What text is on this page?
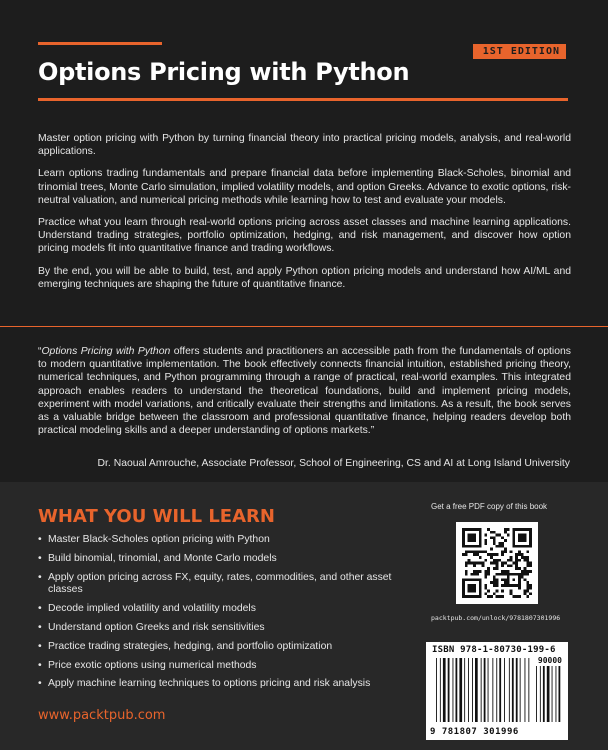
1ST EDITION
Options Pricing with Python

Master option pricing with Python by turning financial theory into practical pricing models, analysis, and real-world applications.

Learn options trading fundamentals and prepare financial data before implementing Black-Scholes, binomial and trinomial trees, Monte Carlo simulation, implied volatility models, and option Greeks. Advance to exotic options, risk-neutral valuation, and numerical pricing methods while learning how to test and evaluate your models.

Practice what you learn through real-world options pricing across asset classes and machine learning applications. Understand trading strategies, portfolio optimization, hedging, and risk management, and discover how option pricing models fit into quantitative finance and trading workflows.

By the end, you will be able to build, test, and apply Python option pricing models and understand how AI/ML and emerging techniques are shaping the future of quantitative finance.

“Options Pricing with Python offers students and practitioners an accessible path from the fundamentals of options to modern quantitative implementation. The book effectively connects financial intuition, established pricing theory, numerical techniques, and Python programming through a range of practical, real-world examples. This integrated approach enables readers to understand the theoretical foundations, build and implement pricing models, experiment with model variations, and critically evaluate their strengths and limitations. As a result, the book serves as a valuable bridge between the classroom and professional quantitative finance, helping readers develop both practical modeling skills and a deeper understanding of options markets.”
Dr. Naoual Amrouche, Associate Professor, School of Engineering, CS and AI at Long Island University
WHAT YOU WILL LEARN
• Master Black-Scholes option pricing with Python
• Build binomial, trinomial, and Monte Carlo models
• Apply option pricing across FX, equity, rates, commodities, and other asset classes
• Decode implied volatility and volatility models
• Understand option Greeks and risk sensitivities
• Practice trading strategies, hedging, and portfolio optimization
• Price exotic options using numerical methods
• Apply machine learning techniques to options pricing and risk analysis
Get a free PDF copy of this book
packtpub.com/unlock/9781807301996
ISBN 978-1-80730-199-6
90000
9 781807 301996
www.packtpub.com
